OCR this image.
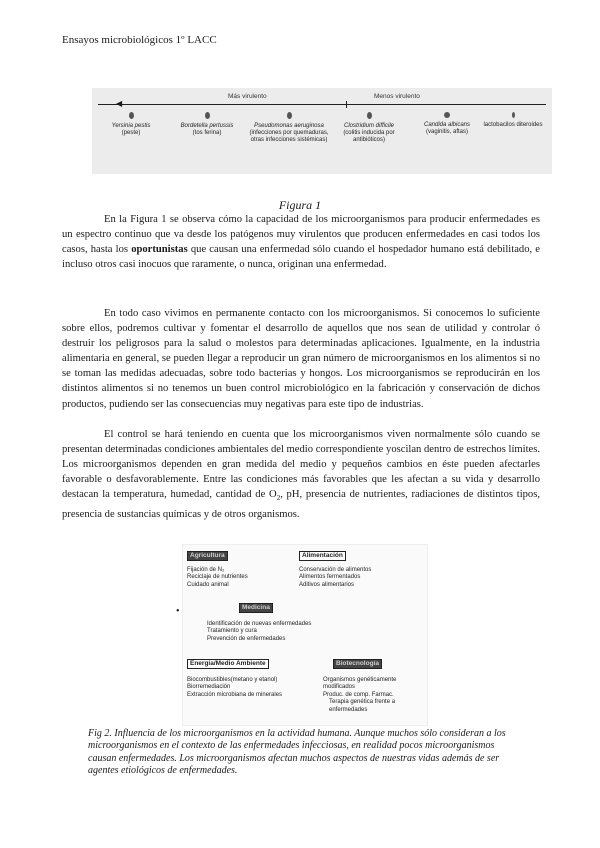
Ensayos microbiológicos 1º LACC
Más virulento	Menos virulento
◀
Yersinia pestis
(peste)
Bordetella pertussis
(tos ferina)
Pseudomonas aeruginosa
(infecciones por quemaduras, otras infecciones sistémicas)
Clostridium difficile
(colitis inducida por antibióticos)
Candida albicans
(vaginitis, aftas)
lactobacilos diteroides
Figura 1

En la Figura 1 se observa cómo la capacidad de los microorganismos para producir enfermedades es un espectro continuo que va desde los patógenos muy virulentos que producen enfermedades en casi todos los casos, hasta los oportunistas que causan una enfermedad sólo cuando el hospedador humano está debilitado, e incluso otros casi inocuos que raramente, o nunca, originan una enfermedad.

En todo caso vivimos en permanente contacto con los microorganismos. Si conocemos lo suficiente sobre ellos, podremos cultivar y fomentar el desarrollo de aquellos que nos sean de utilidad y controlar ó destruir los peligrosos para la salud o molestos para determinadas aplicaciones. Igualmente, en la industria alimentaria en general, se pueden llegar a reproducir un gran número de microorganismos en los alimentos si no se toman las medidas adecuadas, sobre todo bacterias y hongos. Los microorganismos se reproducirán en los distintos alimentos si no tenemos un buen control microbiológico en la fabricación y conservación de dichos productos, pudiendo ser las consecuencias muy negativas para este tipo de industrias.

El control se hará teniendo en cuenta que los microorganismos viven normalmente sólo cuando se presentan determinadas condiciones ambientales del medio correspondiente yoscilan dentro de estrechos límites. Los microorganismos dependen en gran medida del medio y pequeños cambios en éste pueden afectarles favorable o desfavorablemente. Entre las condiciones más favorables que les afectan a su vida y desarrollo destacan la temperatura, humedad, cantidad de $O_2$, pH, presencia de nutrientes, radiaciones de distintos tipos, presencia de sustancias químicas y de otros organismos.

•
Agricultura
Fijación de N₂
Reciclaje de nutrientes
Cuidado animal
Alimentación
Conservación de alimentos
Alimentos fermentados
Aditivos alimentarios
Medicina
Identificación de nuevas enfermedades
Tratamiento y cura
Prevención de enfermedades
Energía/Medio Ambiente
Biocombustibles(metano y etanol)
Biorremediación
Extracción microbiana de minerales
Biotecnología
Organismos genéticamente
modificados
Produc. de comp. Farmac.
Terapia genética frente a
enfermedades
Fig 2. Influencia de los microorganismos en la actividad humana. Aunque muchos sólo consideran a los microorganismos en el contexto de las enfermedades infecciosas, en realidad pocos microorganismos causan enfermedades. Los microorganismos afectan muchos aspectos de nuestras vidas además de ser agentes etiológicos de enfermedades.
